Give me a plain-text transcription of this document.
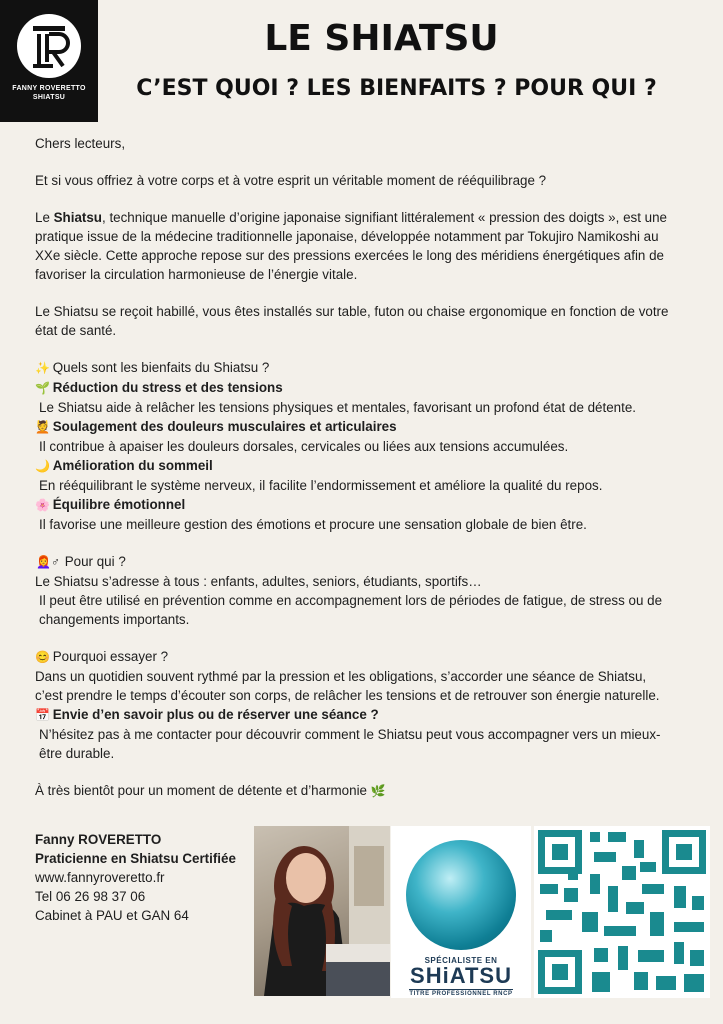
FANNY ROVERETTO
SHIATSU
LE SHIATSU
C’EST QUOI ? LES BIENFAITS ? POUR QUI ?

Chers lecteurs,

Et si vous offriez à votre corps et à votre esprit un véritable moment de rééquilibrage ?

Le Shiatsu, technique manuelle d’origine japonaise signifiant littéralement « pression des doigts », est une pratique issue de la médecine traditionnelle japonaise, développée notamment par Tokujiro Namikoshi au XXe siècle. Cette approche repose sur des pressions exercées le long des méridiens énergétiques afin de favoriser la circulation harmonieuse de l’énergie vitale.

Le Shiatsu se reçoit habillé, vous êtes installés sur table, futon ou chaise ergonomique en fonction de votre état de santé.

✨ Quels sont les bienfaits du Shiatsu ?

🌱 Réduction du stress et des tensions

Le Shiatsu aide à relâcher les tensions physiques et mentales, favorisant un profond état de détente.

💆 Soulagement des douleurs musculaires et articulaires

Il contribue à apaiser les douleurs dorsales, cervicales ou liées aux tensions accumulées.

🌙 Amélioration du sommeil

En rééquilibrant le système nerveux, il facilite l’endormissement et améliore la qualité du repos.

🌸 Équilibre émotionnel

Il favorise une meilleure gestion des émotions et procure une sensation globale de bien être.

👩‍🦰♂ Pour qui ?

Le Shiatsu s’adresse à tous : enfants, adultes, seniors, étudiants, sportifs…

Il peut être utilisé en prévention comme en accompagnement lors de périodes de fatigue, de stress ou de changements importants.

😊 Pourquoi essayer ?

Dans un quotidien souvent rythmé par la pression et les obligations, s’accorder une séance de Shiatsu, c’est prendre le temps d’écouter son corps, de relâcher les tensions et de retrouver son énergie naturelle.

📅 Envie d’en savoir plus ou de réserver une séance ?

N’hésitez pas à me contacter pour découvrir comment le Shiatsu peut vous accompagner vers un mieux-être durable.

À très bientôt pour un moment de détente et d’harmonie 🌿

Fanny ROVERETTO
Praticienne en Shiatsu Certifiée
www.fannyroveretto.fr
Tel 06 26 98 37 06
Cabinet à PAU et GAN 64
SPÉCIALISTE EN
SHiATSU
TITRE PROFESSIONNEL RNCP
